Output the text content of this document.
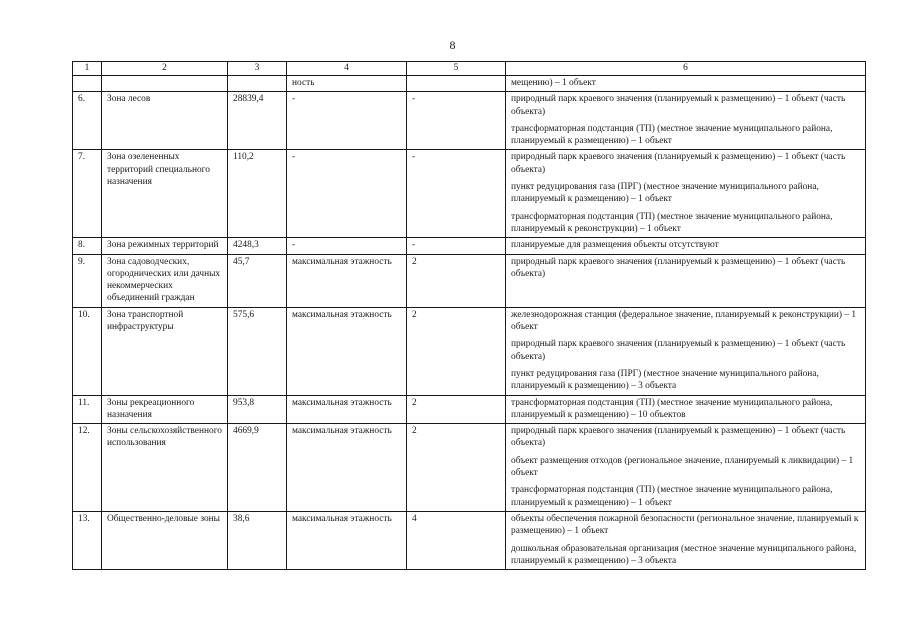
8
1	2	3	4	5	6
			ность		мещению) – 1 объект
6.	Зона лесов	28839,4	-	-	природный парк краевого значения (планируемый к размещению) – 1 объект (часть объекта)
трансформаторная подстанция (ТП) (местное значение муниципального района, планируемый к размещению) – 1 объект

7.	Зона озелененных территорий специального назначения	110,2	-	-	природный парк краевого значения (планируемый к размещению) – 1 объект (часть объекта)
пункт редуцирования газа (ПРГ) (местное значение муниципального района, планируемый к размещению) – 1 объект
трансформаторная подстанция (ТП) (местное значение муниципального района, планируемый к реконструкции) – 1 объект

8.	Зона режимных территорий	4248,3	-	-	планируемые для размещения объекты отсутствуют

9.	Зона садоводческих, огороднических или дачных некоммерческих объединений граждан	45,7	максимальная этажность	2	природный парк краевого значения (планируемый к размещению) – 1 объект (часть объекта)

10.	Зона транспортной инфраструктуры	575,6	максимальная этажность	2	железнодорожная станция (федеральное значение, планируемый к реконструкции) – 1 объект
природный парк краевого значения (планируемый к размещению) – 1 объект (часть объекта)
пункт редуцирования газа (ПРГ) (местное значение муниципального района, планируемый к размещению) – 3 объекта

11.	Зоны рекреационного назначения	953,8	максимальная этажность	2	трансформаторная подстанция (ТП) (местное значение муниципального района, планируемый к размещению) – 10 объектов

12.	Зоны сельскохозяйственного использования	4669,9	максимальная этажность	2	природный парк краевого значения (планируемый к размещению) – 1 объект (часть объекта)
объект размещения отходов (региональное значение, планируемый к ликвидации) – 1 объект
трансформаторная подстанция (ТП) (местное значение муниципального района, планируемый к размещению) – 1 объект

13.	Общественно-деловые зоны	38,6	максимальная этажность	4	объекты обеспечения пожарной безопасности (региональное значение, планируемый к размещению) – 1 объект
дошкольная образовательная организация (местное значение муниципального района, планируемый к размещению) – 3 объекта
